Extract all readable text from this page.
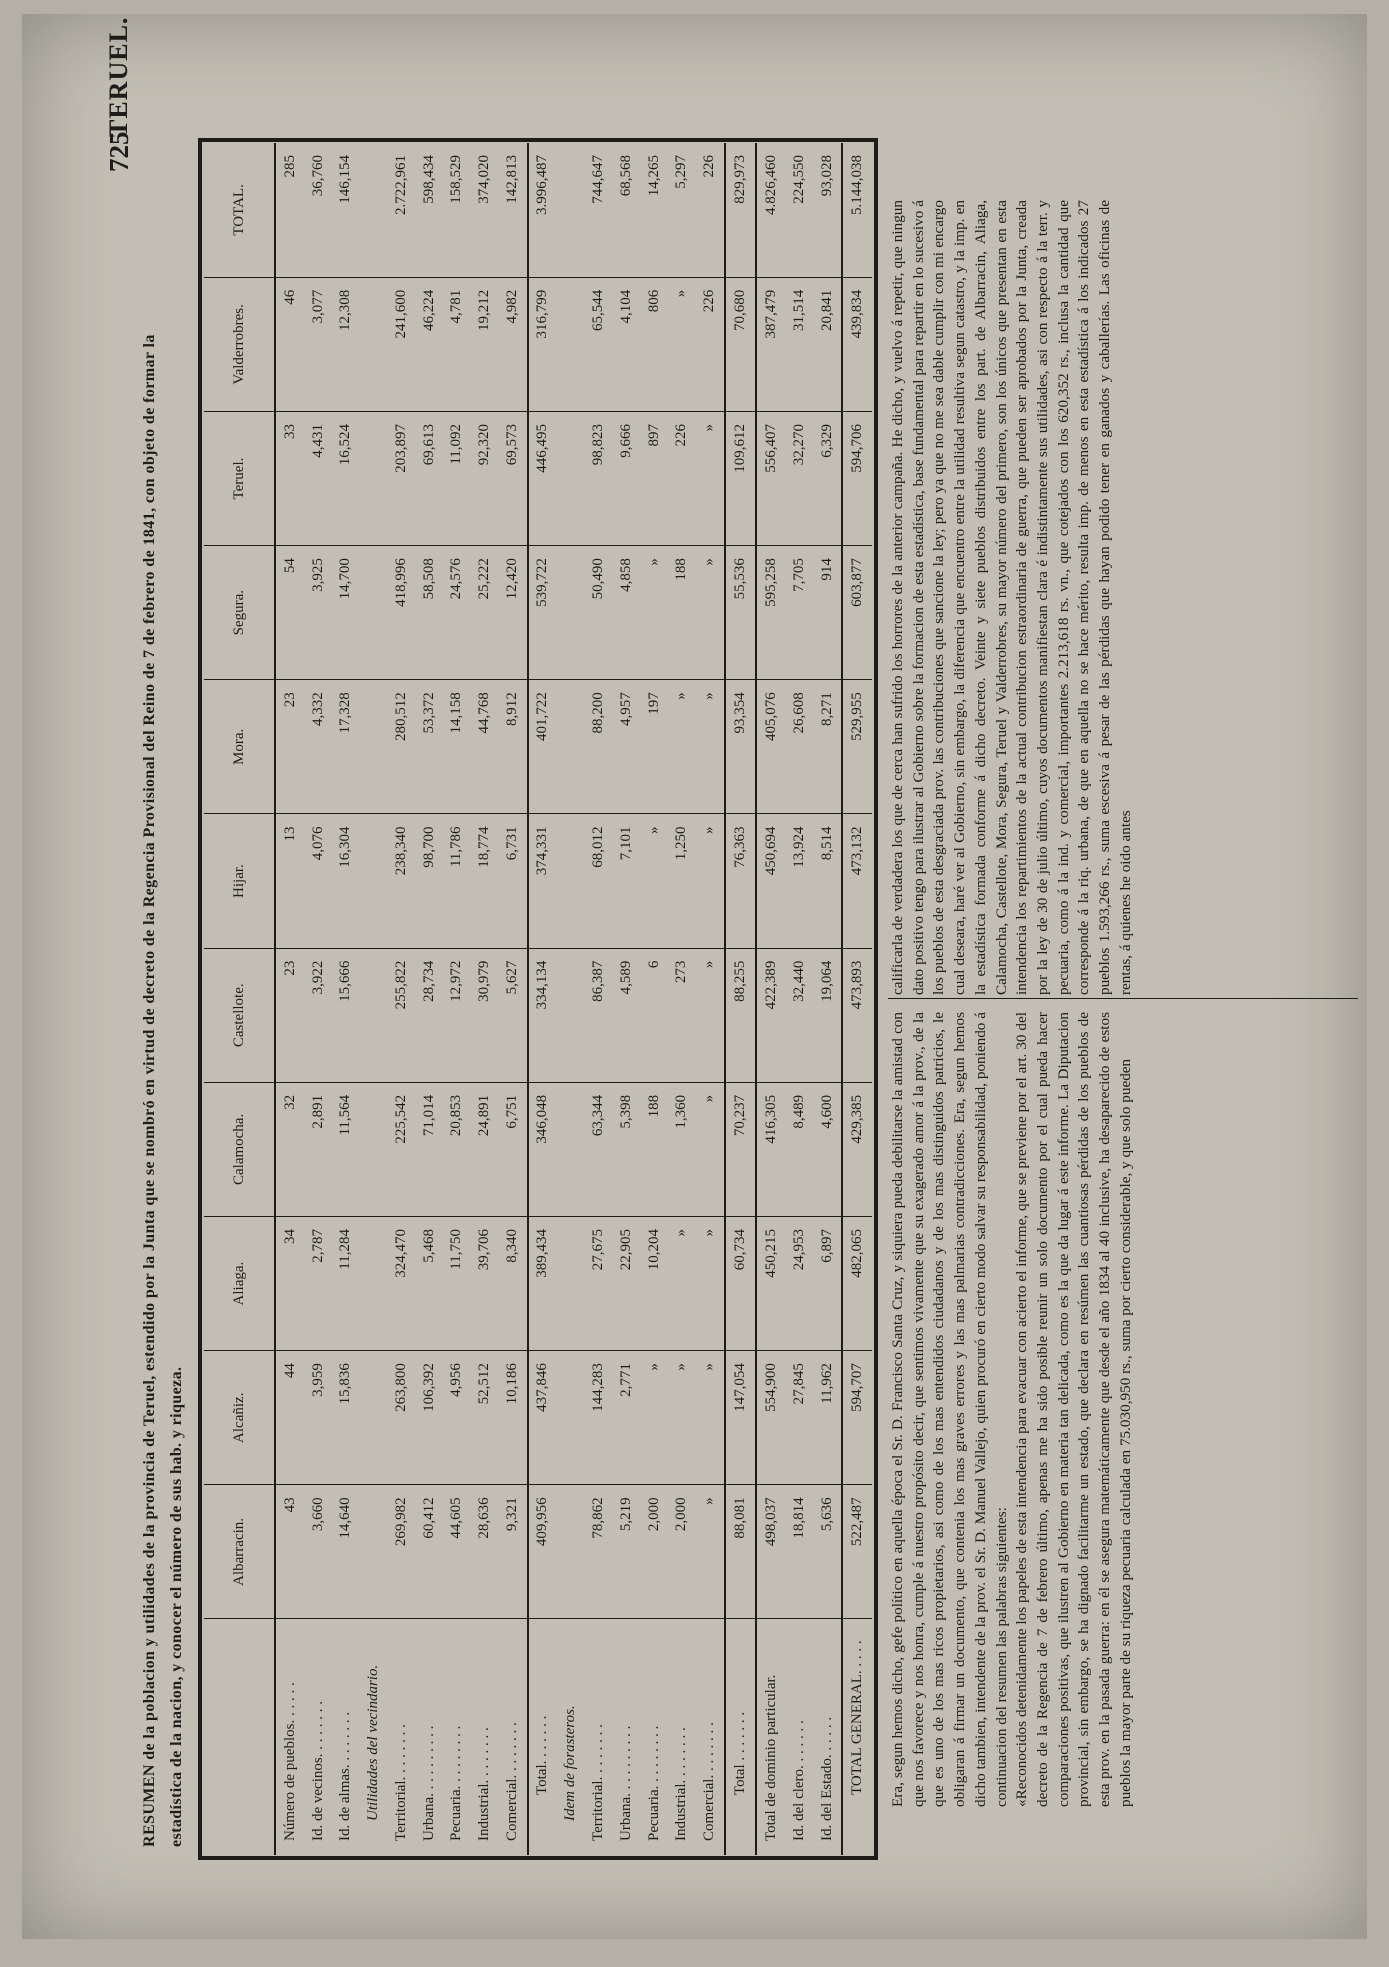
TERUEL.
725
RESUMEN de la poblacion y utilidades de la provincia de Teruel, estendido por la Junta que se nombró en virtud de decreto de la Regencia Provisional del Reino de 7 de febrero de 1841, con objeto de formar la estadística de la nacion, y conocer el número de sus hab. y riqueza.
		Albarracin.	Alcañiz.	Aliaga.	Calamocha.	Castellote.	Hijar.	Mora.	Segura.	Teruel.	Valderrobres.	TOTAL.
Número de pueblos. . . . . .	43	44	34	32	23	13	23	54	33	46	285
Id. de vecinos. . . . . . . .	3,660	3,959	2,787	2,891	3,922	4,076	4,332	3,925	4,431	3,077	36,760
Id. de almas. . . . . . . .	14,640	15,836	11,284	11,564	15,666	16,304	17,328	14,700	16,524	12,308	146,154
Utilidades del vecindario.											
Territorial. . . . . . . .	269,982	263,800	324,470	225,542	255,822	238,340	280,512	418,996	203,897	241,600	2.722,961
Urbana. . . . . . . . . .	60,412	106,392	5,468	71,014	28,734	98,700	53,372	58,508	69,613	46,224	598,434
Pecuaria. . . . . . . . .	44,605	4,956	11,750	20,853	12,972	11,786	14,158	24,576	11,092	4,781	158,529
Industrial. . . . . . . .	28,636	52,512	39,706	24,891	30,979	18,774	44,768	25,222	92,320	19,212	374,020
Comercial. . . . . . . .	9,321	10,186	8,340	6,751	5,627	6,731	8,912	12,420	69,573	4,982	142,813
Total. . . . . . .	409,956	437,846	389,434	346,048	334,134	374,331	401,722	539,722	446,495	316,799	3.996,487
Idem de forasteros.											
Territorial. . . . . . . .	78,862	144,283	27,675	63,344	86,387	68,012	88,200	50,490	98,823	65,544	744,647
Urbana. . . . . . . . . .	5,219	2,771	22,905	5,398	4,589	7,101	4,957	4,858	9,666	4,104	68,568
Pecuaria. . . . . . . . .	2,000	»	10,204	188	6	»	197	»	897	806	14,265
Industrial. . . . . . . .	2,000	»	»	1,360	273	1,250	»	188	226	»	5,297
Comercial. . . . . . . .	»	»	»	»	»	»	»	»	»	226	226
Total . . . . . . .	88,081	147,054	60,734	70,237	88,255	76,363	93,354	55,536	109,612	70,680	829,973
Total de dominio particular.	498,037	554,900	450,215	416,305	422,389	450,694	405,076	595,258	556,407	387,479	4.826,460
Id. del clero. . . . . . .	18,814	27,845	24,953	8,489	32,440	13,924	26,608	7,705	32,270	31,514	224,550
Id. del Estado. . . . . .	5,636	11,962	6,897	4,600	19,064	8,514	8,271	914	6,329	20,841	93,028
TOTAL GENERAL. . . . .	522,487	594,707	482,065	429,385	473,893	473,132	529,955	603,877	594,706	439,834	5.144,038

Era, segun hemos dicho, gefe político en aquella época el Sr. D. Francisco Santa Cruz, y siquiera pueda debilitarse la amistad con que nos favorece y nos honra, cumple á nuestro propósito decir, que sentimos vivamente que su exagerado amor á la prov., de la que es uno de los mas ricos propietarios, asi como de los mas entendidos ciudadanos y de los mas distinguidos patricios, le obligaran á firmar un documento, que contenia los mas graves errores y las mas palmarias contradicciones. Era, segun hemos dicho tambien, intendente de la prov. el Sr. D. Manuel Vallejo, quien procuró en cierto modo salvar su responsabilidad, poniendo á continuacion del resumen las palabras siguientes: «Reconocidos detenidamente los papeles de esta intendencia para evacuar con acierto el informe, que se previene por el art. 30 del decreto de la Regencia de 7 de febrero último, apenas me ha sido posible reunir un solo documento por el cual pueda hacer comparaciones positivas, que ilustren al Gobierno en materia tan delicada, como es la que da lugar á este informe. La Diputacion provincial, sin embargo, se ha dignado facilitarme un estado, que declara en resúmen las cuantiosas pérdidas de los pueblos de esta prov. en la pasada guerra: en él se asegura matemáticamente que desde el año 1834 al 40 inclusive, ha desaparecido de estos pueblos la mayor parte de su riqueza pecuaria calculada en 75.030,950 rs., suma por cierto considerable, y que solo pueden

calificarla de verdadera los que de cerca han sufrido los horrores de la anterior campaña. He dicho, y vuelvo á repetir, que ningun dato positivo tengo para ilustrar al Gobierno sobre la formacion de esta estadística, base fundamental para repartir en lo sucesivo á los pueblos de esta desgraciada prov. las contribuciones que sancione la ley; pero ya que no me sea dable cumplir con mi encargo cual deseara, haré ver al Gobierno, sin embargo, la diferencia que encuentro entre la utilidad resultiva segun catastro, y la imp. en la estadística formada conforme á dicho decreto. Veinte y siete pueblos distribuidos entre los part. de Albarracin, Aliaga, Calamocha, Castellote, Mora, Segura, Teruel y Valderrobres, su mayor número del primero, son los únicos que presentan en esta intendencia los repartimientos de la actual contribucion estraordinaria de guerra, que pueden ser aprobados por la Junta, creada por la ley de 30 de julio último, cuyos documentos manifiestan clara é indistintamente sus utilidades, asi con respecto á la terr. y pecuaria, como á la ind. y comercial, importantes 2.213,618 rs. vn., que cotejados con los 620,352 rs., inclusa la cantidad que corresponde á la riq. urbana, de que en aquella no se hace mérito, resulta imp. de menos en esta estadística á los indicados 27 pueblos 1.593,266 rs., suma escesiva á pesar de las pérdidas que hayan podido tener en ganados y caballerías. Las oficinas de rentas, á quienes he oido antes
